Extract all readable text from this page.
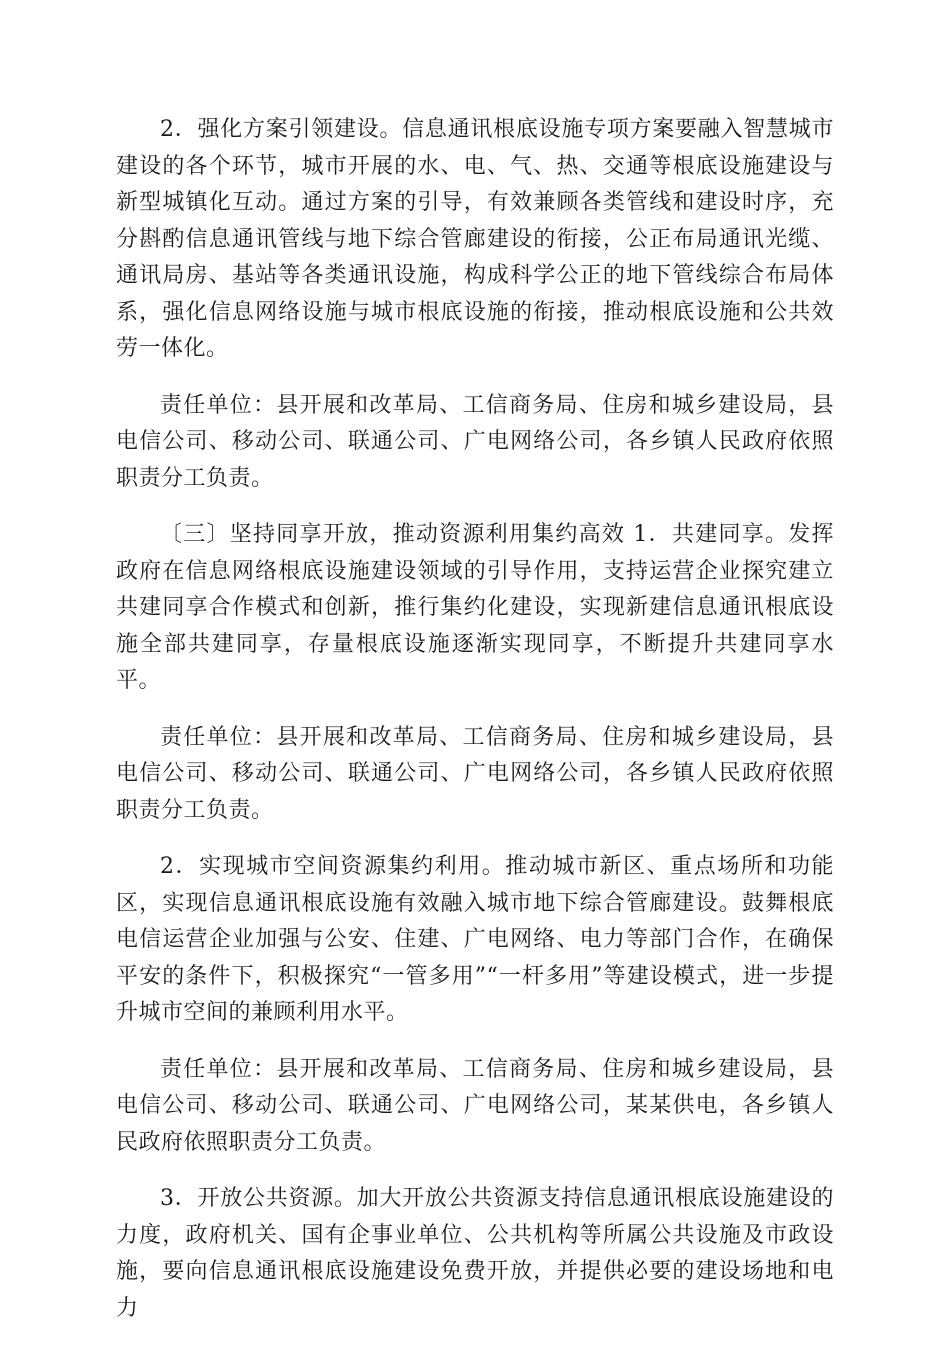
2．强化方案引领建设。信息通讯根底设施专项方案要融入智慧城市建设的各个环节，城市开展的水、电、气、热、交通等根底设施建设与新型城镇化互动。通过方案的引导，有效兼顾各类管线和建设时序，充分斟酌信息通讯管线与地下综合管廊建设的衔接，公正布局通讯光缆、通讯局房、基站等各类通讯设施，构成科学公正的地下管线综合布局体系，强化信息网络设施与城市根底设施的衔接，推动根底设施和公共效劳一体化。

责任单位：县开展和改革局、工信商务局、住房和城乡建设局，县电信公司、移动公司、联通公司、广电网络公司，各乡镇人民政府依照职责分工负责。

〔三〕坚持同享开放，推动资源利用集约高效 1．共建同享。发挥政府在信息网络根底设施建设领域的引导作用，支持运营企业探究建立共建同享合作模式和创新，推行集约化建设，实现新建信息通讯根底设施全部共建同享，存量根底设施逐渐实现同享，不断提升共建同享水平。

责任单位：县开展和改革局、工信商务局、住房和城乡建设局，县电信公司、移动公司、联通公司、广电网络公司，各乡镇人民政府依照职责分工负责。

2．实现城市空间资源集约利用。推动城市新区、重点场所和功能区，实现信息通讯根底设施有效融入城市地下综合管廊建设。鼓舞根底电信运营企业加强与公安、住建、广电网络、电力等部门合作，在确保平安的条件下，积极探究“一管多用”“一杆多用”等建设模式，进一步提升城市空间的兼顾利用水平。

责任单位：县开展和改革局、工信商务局、住房和城乡建设局，县电信公司、移动公司、联通公司、广电网络公司，某某供电，各乡镇人民政府依照职责分工负责。

3．开放公共资源。加大开放公共资源支持信息通讯根底设施建设的力度，政府机关、国有企事业单位、公共机构等所属公共设施及市政设施，要向信息通讯根底设施建设免费开放，并提供必要的建设场地和电力
